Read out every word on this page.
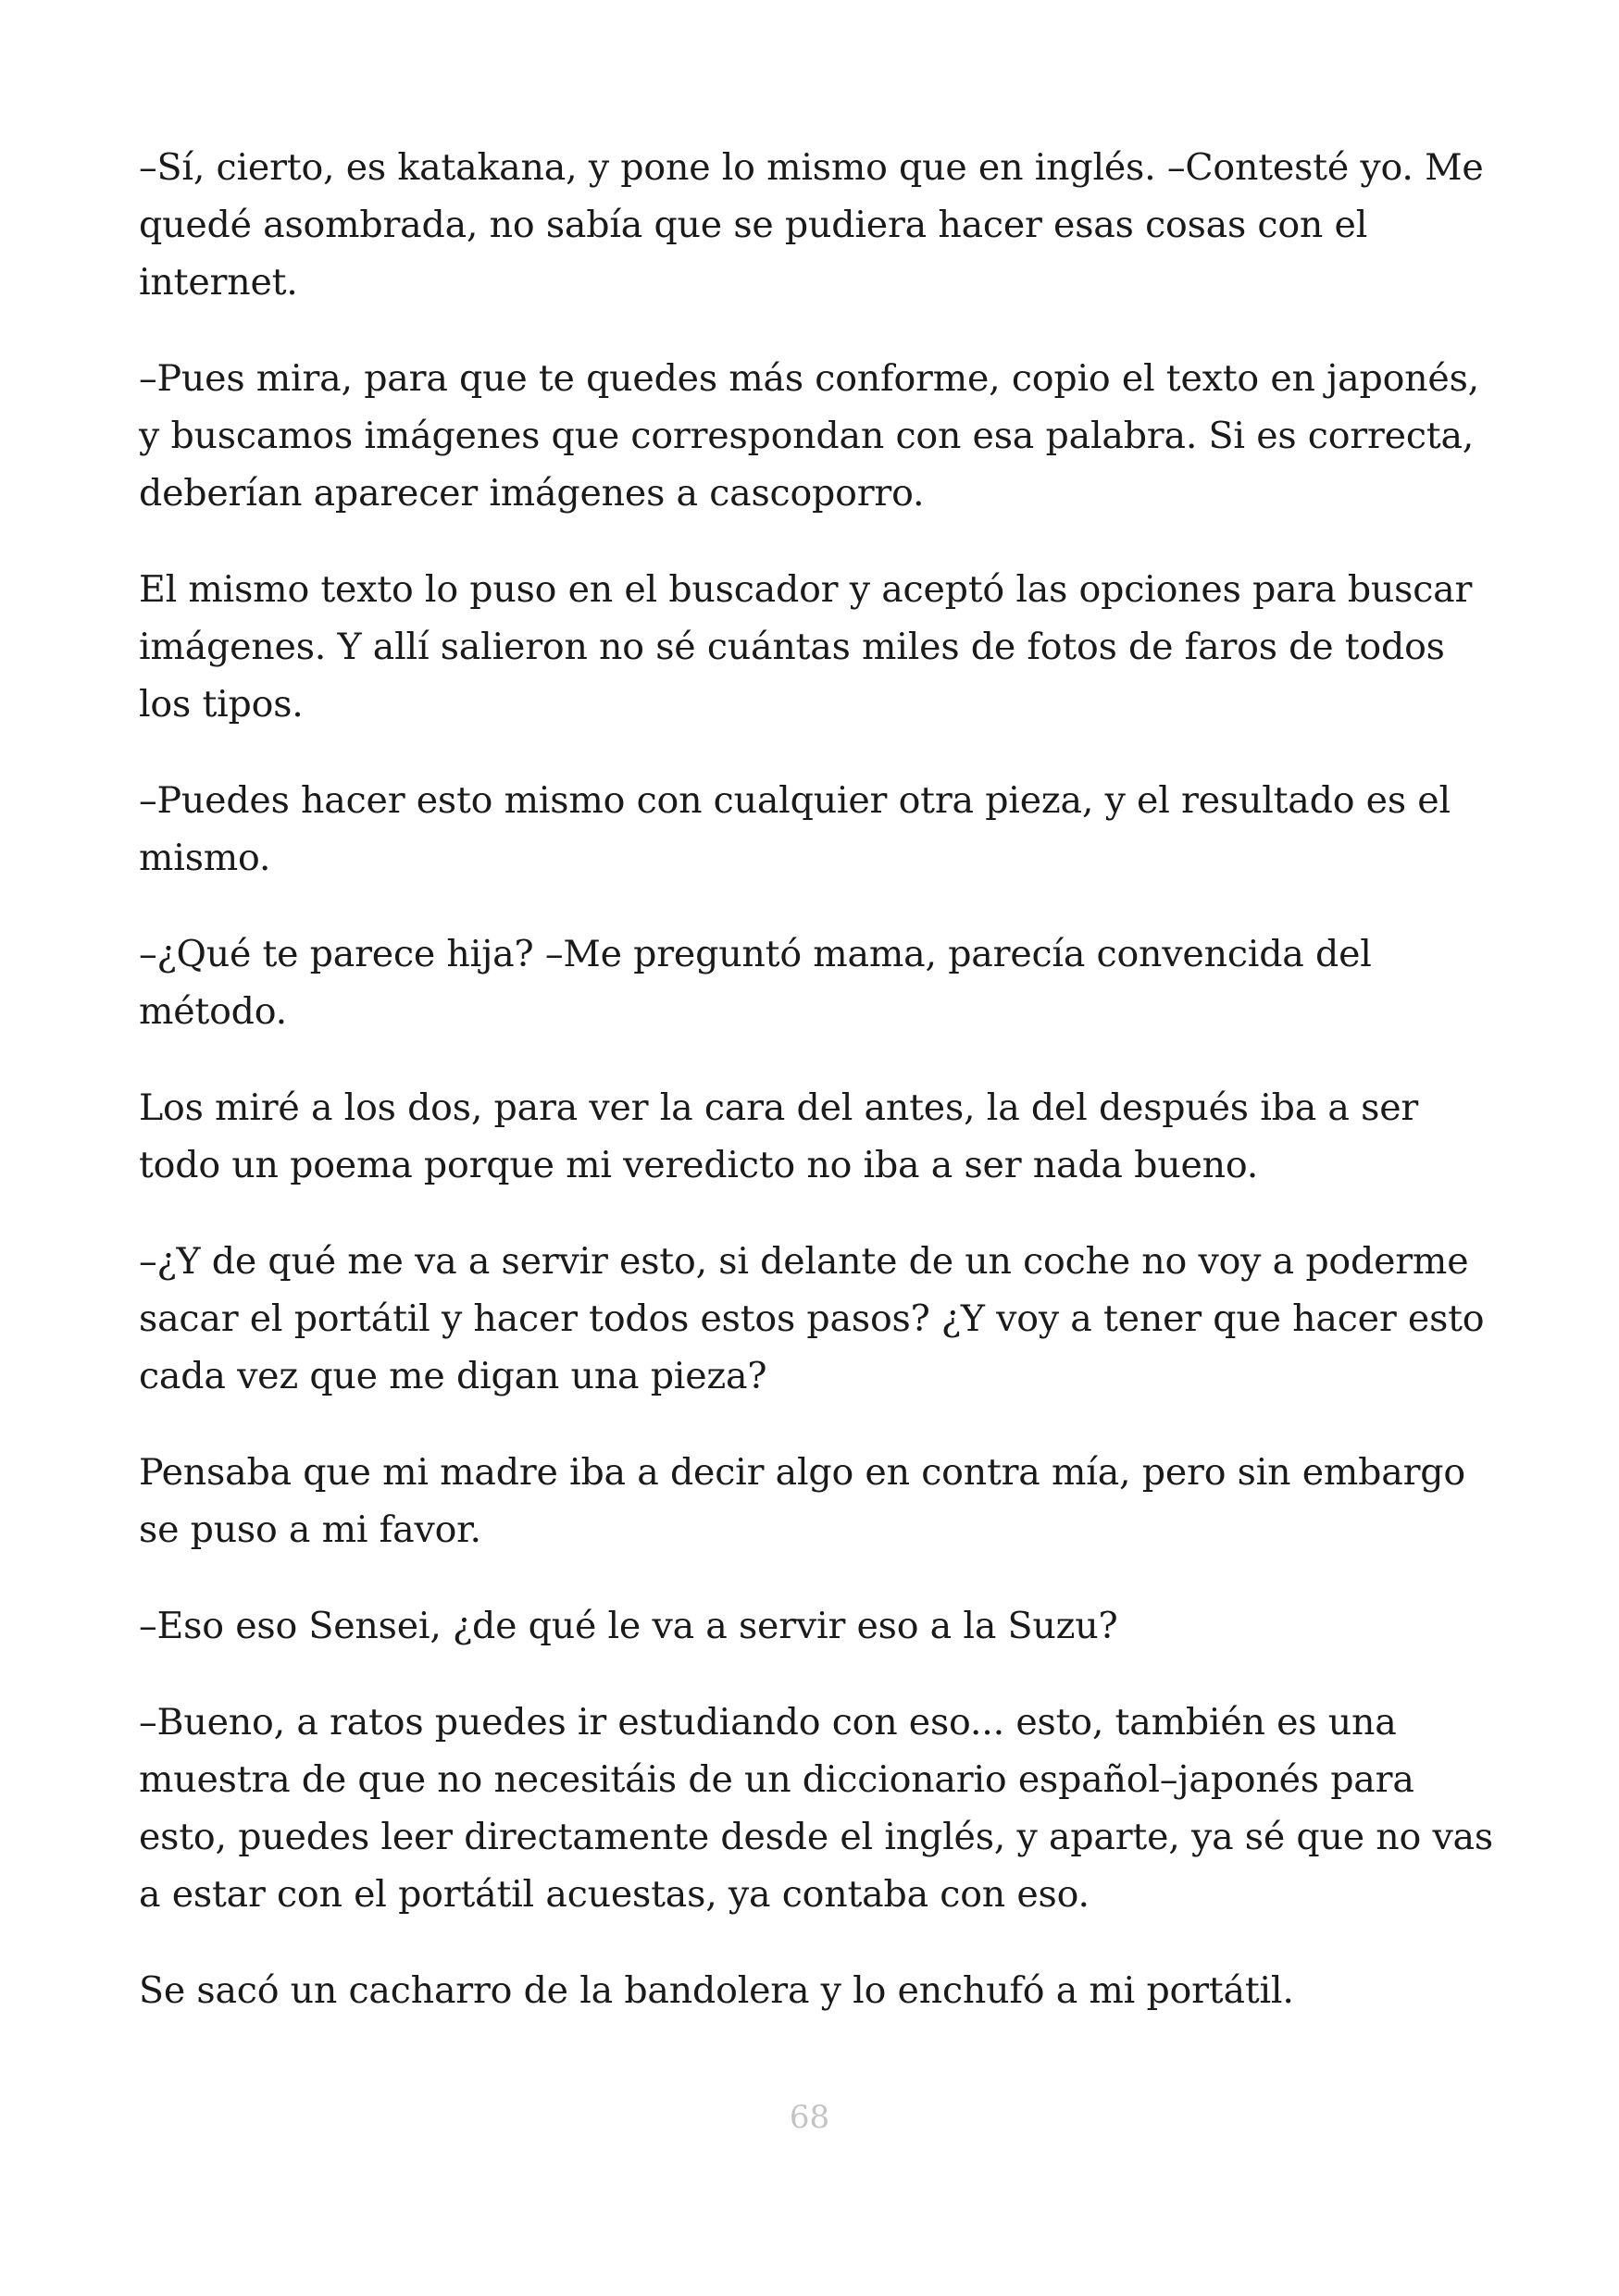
–Sí, cierto, es katakana, y pone lo mismo que en inglés. –Contesté yo. Me quedé asombrada, no sabía que se pudiera hacer esas cosas con el internet.

–Pues mira, para que te quedes más conforme, copio el texto en japonés, y buscamos imágenes que correspondan con esa palabra. Si es correcta, deberían aparecer imágenes a cascoporro.

El mismo texto lo puso en el buscador y aceptó las opciones para buscar imágenes. Y allí salieron no sé cuántas miles de fotos de faros de todos los tipos.

–Puedes hacer esto mismo con cualquier otra pieza, y el resultado es el mismo.

–¿Qué te parece hija? –Me preguntó mama, parecía convencida del método.

Los miré a los dos, para ver la cara del antes, la del después iba a ser todo un poema porque mi veredicto no iba a ser nada bueno.

–¿Y de qué me va a servir esto, si delante de un coche no voy a poderme sacar el portátil y hacer todos estos pasos? ¿Y voy a tener que hacer esto cada vez que me digan una pieza?

Pensaba que mi madre iba a decir algo en contra mía, pero sin embargo se puso a mi favor.

–Eso eso Sensei, ¿de qué le va a servir eso a la Suzu?

–Bueno, a ratos puedes ir estudiando con eso... esto, también es una muestra de que no necesitáis de un diccionario español–japonés para esto, puedes leer directamente desde el inglés, y aparte, ya sé que no vas a estar con el portátil acuestas, ya contaba con eso.

Se sacó un cacharro de la bandolera y lo enchufó a mi portátil.

68
